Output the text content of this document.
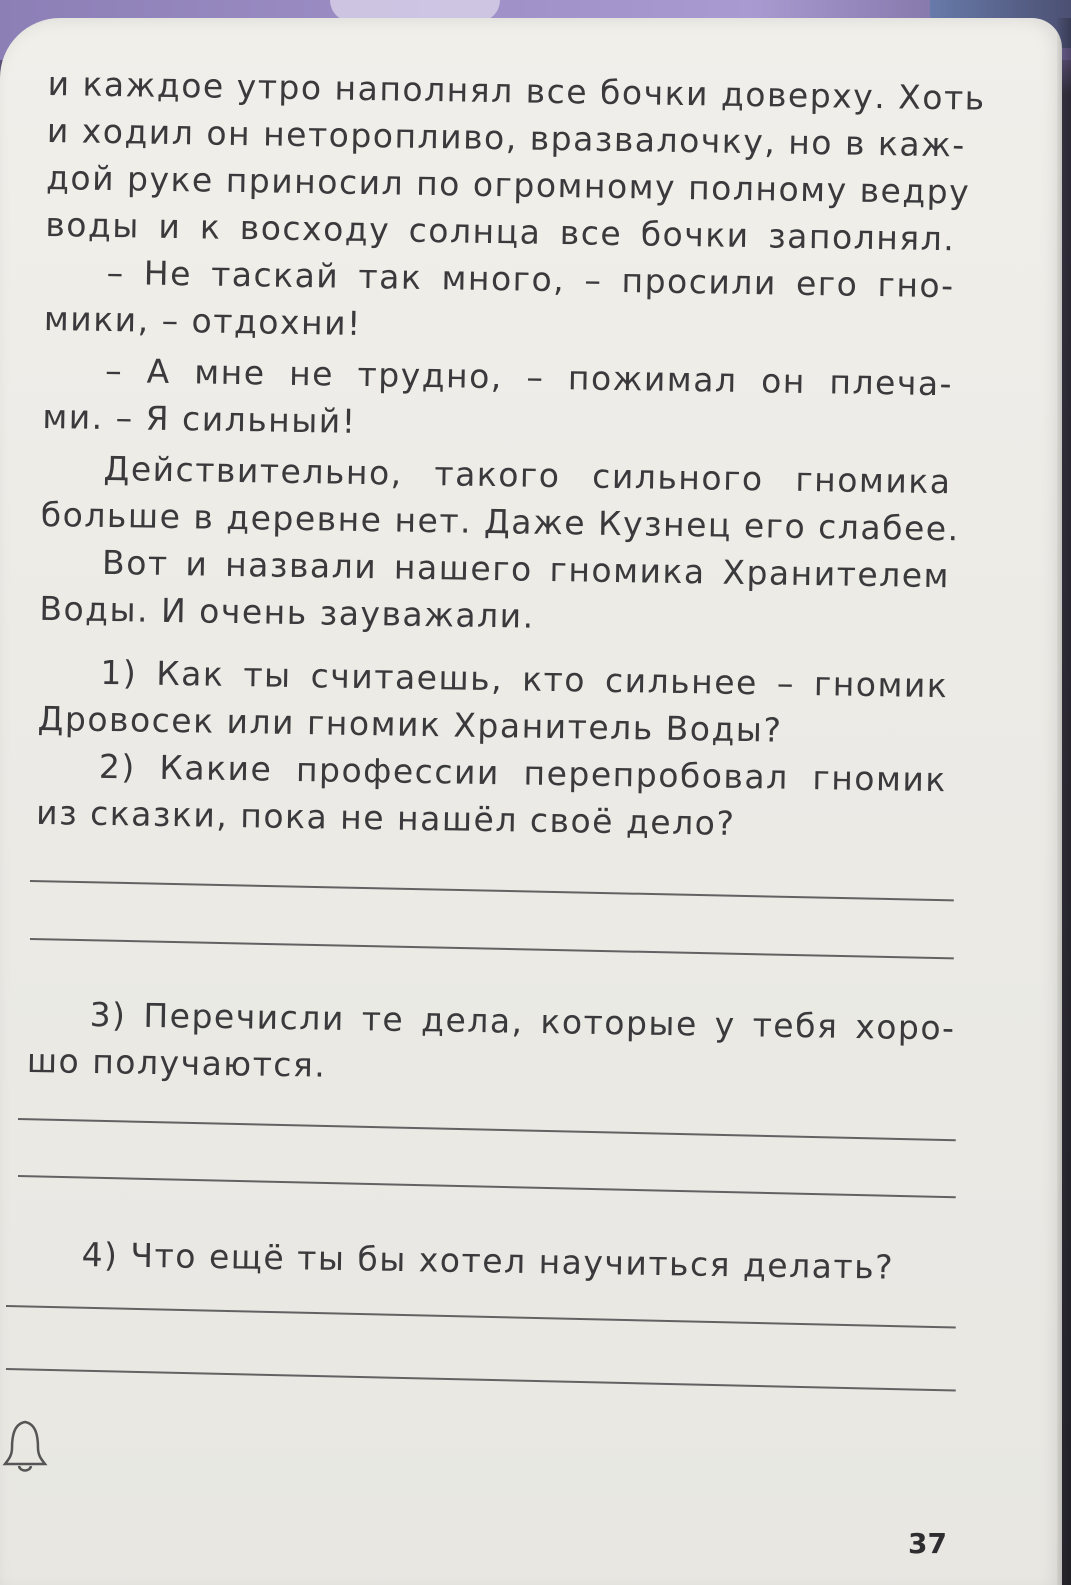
и каждое утро наполнял все бочки доверху. Хоть
и ходил он неторопливо, вразвалочку, но в каж-
дой руке приносил по огромному полному ведру
воды и к восходу солнца все бочки заполнял.
– Не таскай так много, – просили его гно-
мики, – отдохни!
– А мне не трудно, – пожимал он плеча-
ми. – Я сильный!
Действительно, такого сильного гномика
больше в деревне нет. Даже Кузнец его слабее.
Вот и назвали нашего гномика Хранителем
Воды. И очень зауважали.
1) Как ты считаешь, кто сильнее – гномик
Дровосек или гномик Хранитель Воды?
2) Какие профессии перепробовал гномик
из сказки, пока не нашёл своё дело?
3) Перечисли те дела, которые у тебя хоро-
шо получаются.
4) Что ещё ты бы хотел научиться делать?
37
